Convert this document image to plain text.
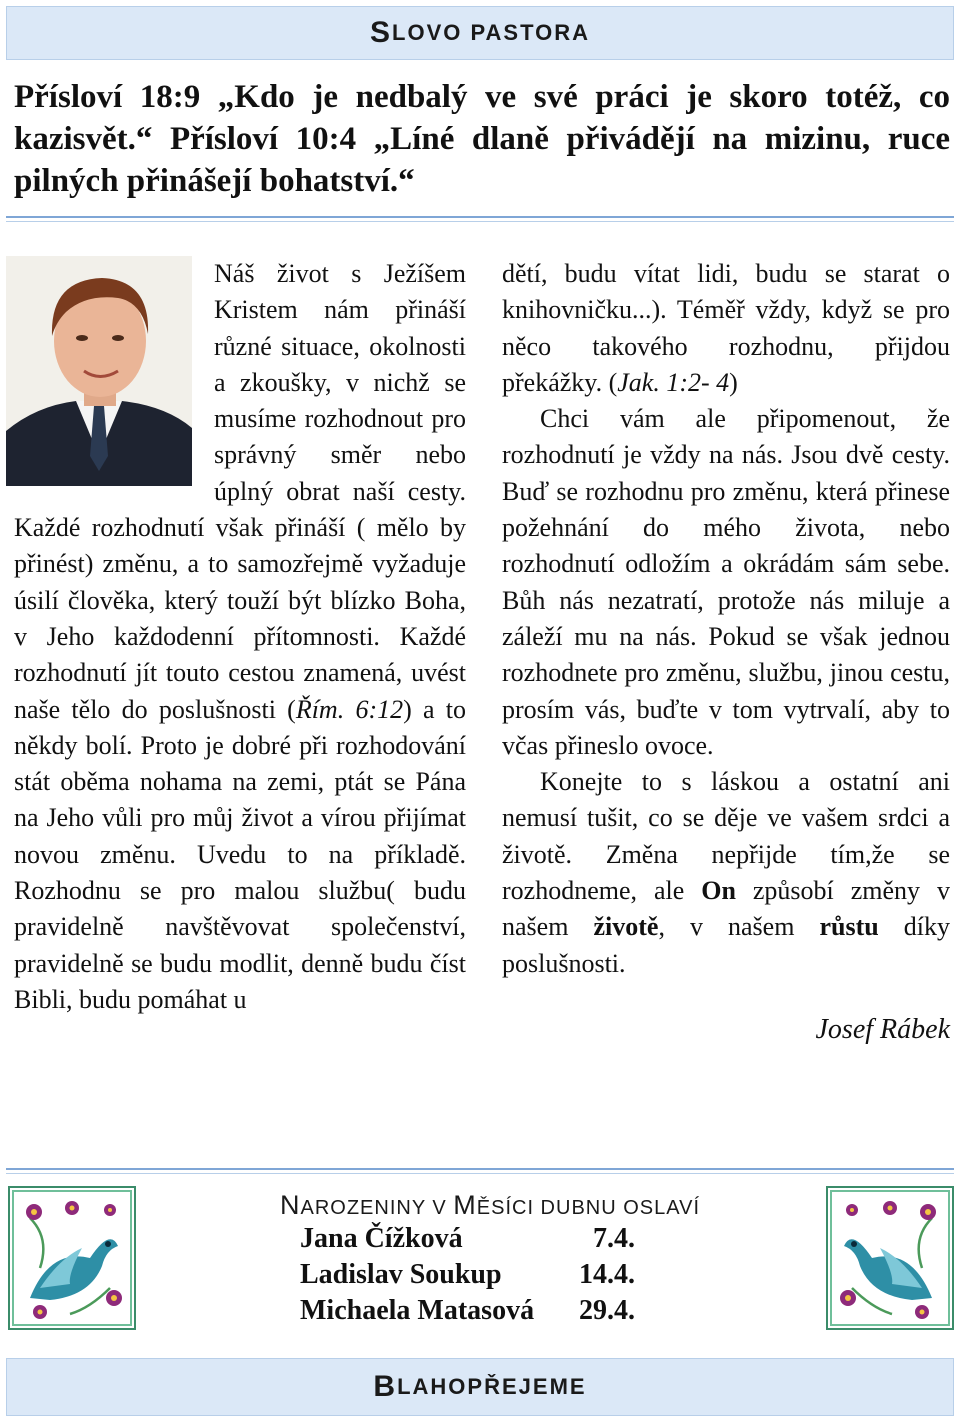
S LOVO PASTORA
Přísloví 18:9 „Kdo je nedbalý ve své práci je skoro totéž, co kazisvět.“ Přísloví 10:4 „Líné dlaně přivádějí na mizinu, ruce pilných přinášejí bohatství.“

Náš život s Ježíšem Kristem nám přináší různé situace, okolnosti a zkoušky, v nichž se musíme rozhodnout pro správný směr nebo úplný obrat naší cesty. Každé rozhodnutí však přináší ( mělo by přinést) změnu, a to samozřejmě vyžaduje úsilí člověka, který touží být blízko Boha, v Jeho každodenní přítomnosti. Každé rozhodnutí jít touto cestou znamená, uvést naše tělo do poslušnosti (Řím. 6:12) a to někdy bolí. Proto je dobré při rozhodování stát oběma nohama na zemi, ptát se Pána na Jeho vůli pro můj život a vírou přijímat novou změnu. Uvedu to na příkladě. Rozhodnu se pro malou službu( budu pravidelně navštěvovat společenství, pravidelně se budu modlit, denně budu číst Bibli, budu pomáhat u

dětí, budu vítat lidi, budu se starat o knihovničku...). Téměř vždy, když se pro něco takového rozhodnu, přijdou překážky. (Jak. 1:2- 4)

Chci vám ale připomenout, že rozhodnutí je vždy na nás. Jsou dvě cesty. Buď se rozhodnu pro změnu, která přinese požehnání do mého života, nebo rozhodnutí odložím a okrádám sám sebe. Bůh nás nezatratí, protože nás miluje a záleží mu na nás. Pokud se však jednou rozhodnete pro změnu, službu, jinou cestu, prosím vás, buďte v tom vytrvalí, aby to včas přineslo ovoce.

Konejte to s láskou a ostatní ani nemusí tušit, co se děje ve vašem srdci a životě. Změna nepřijde tím,že se rozhodneme, ale On způsobí změny v našem životě, v našem růstu díky poslušnosti.

Josef Rábek
NAROZENINY V MĚSÍCI DUBNU OSLAVÍ
Jana Čížková	7.4.
Ladislav Soukup	14.4.
Michaela Matasová	29.4.
B LAHOPŘEJEME
